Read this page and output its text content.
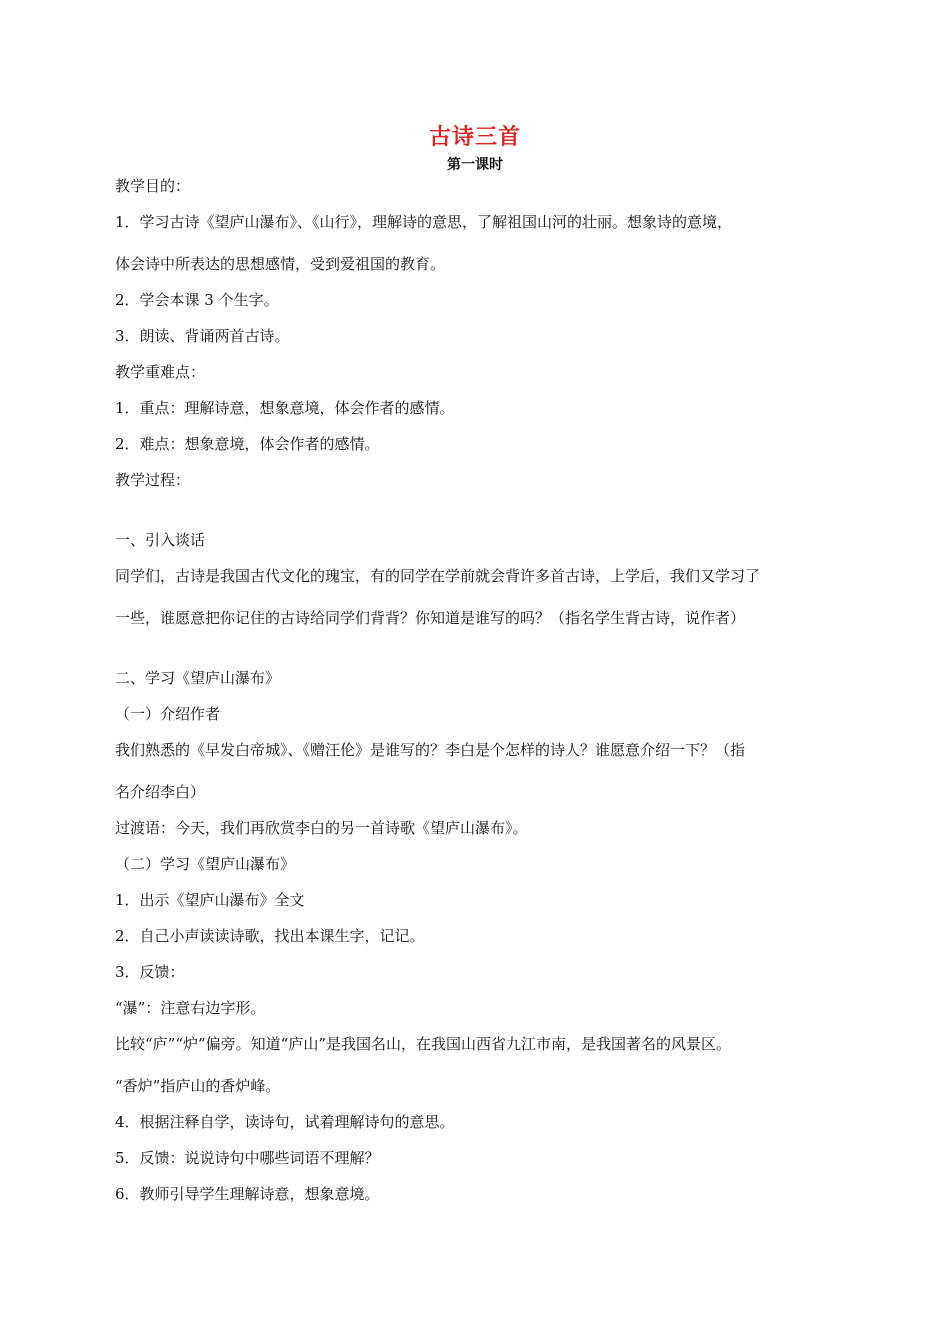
古诗三首
第一课时
教学目的：
1．学习古诗《望庐山瀑布》、《山行》，理解诗的意思，了解祖国山河的壮丽。想象诗的意境，
体会诗中所表达的思想感情，受到爱祖国的教育。
2．学会本课 3 个生字。
3．朗读、背诵两首古诗。
教学重难点：
1．重点：理解诗意，想象意境，体会作者的感情。
2．难点：想象意境，体会作者的感情。
教学过程：
一、引入谈话
同学们，古诗是我国古代文化的瑰宝，有的同学在学前就会背许多首古诗，上学后，我们又学习了
一些，谁愿意把你记住的古诗给同学们背背？你知道是谁写的吗？（指名学生背古诗，说作者）
二、学习《望庐山瀑布》
（一）介绍作者
我们熟悉的《早发白帝城》、《赠汪伦》是谁写的？李白是个怎样的诗人？谁愿意介绍一下？（指
名介绍李白）
过渡语：今天，我们再欣赏李白的另一首诗歌《望庐山瀑布》。
（二）学习《望庐山瀑布》
1．出示《望庐山瀑布》全文
2．自己小声读读诗歌，找出本课生字，记记。
3．反馈：
“瀑”：注意右边字形。
比较“庐”“炉”偏旁。知道“庐山”是我国名山，在我国山西省九江市南，是我国著名的风景区。
“香炉”指庐山的香炉峰。
4．根据注释自学，读诗句，试着理解诗句的意思。
5．反馈：说说诗句中哪些词语不理解？
6．教师引导学生理解诗意，想象意境。
